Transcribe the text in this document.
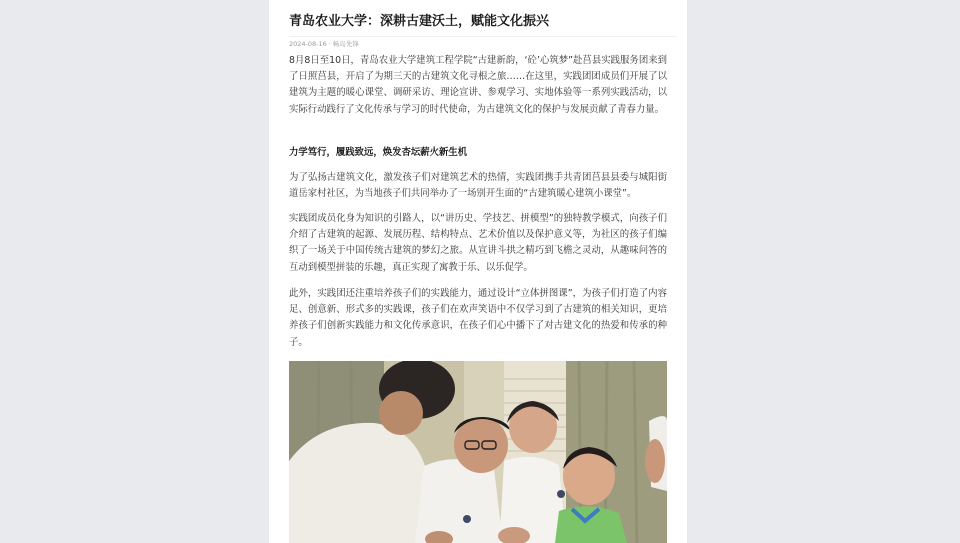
青岛农业大学：深耕古建沃土，赋能文化振兴
2024-08-16 · 畅岛先锋

8月8日至10日，青岛农业大学建筑工程学院“古建新韵，‘砼’心筑梦”赴莒县实践服务团来到了日照莒县，开启了为期三天的古建筑文化寻根之旅……在这里，实践团团成员们开展了以建筑为主题的暖心课堂、调研采访、理论宣讲、参观学习、实地体验等一系列实践活动，以实际行动践行了文化传承与学习的时代使命，为古建筑文化的保护与发展贡献了青春力量。

力学笃行，履践致远，焕发杏坛薪火新生机

为了弘扬古建筑文化，激发孩子们对建筑艺术的热情，实践团携手共青团莒县县委与城阳街道岳家村社区，为当地孩子们共同举办了一场别开生面的“古建筑暖心建筑小课堂”。

实践团成员化身为知识的引路人，以“讲历史、学技艺、拼模型”的独特教学模式，向孩子们介绍了古建筑的起源、发展历程、结构特点、艺术价值以及保护意义等，为社区的孩子们编织了一场关于中国传统古建筑的梦幻之旅。从宣讲斗拱之精巧到飞檐之灵动，从趣味问答的互动到模型拼装的乐趣，真正实现了寓教于乐、以乐促学。

此外，实践团还注重培养孩子们的实践能力，通过设计“立体拼图课”，为孩子们打造了内容足、创意新、形式多的实践课，孩子们在欢声笑语中不仅学习到了古建筑的相关知识，更培养孩子们创新实践能力和文化传承意识，在孩子们心中播下了对古建文化的热爱和传承的种子。
